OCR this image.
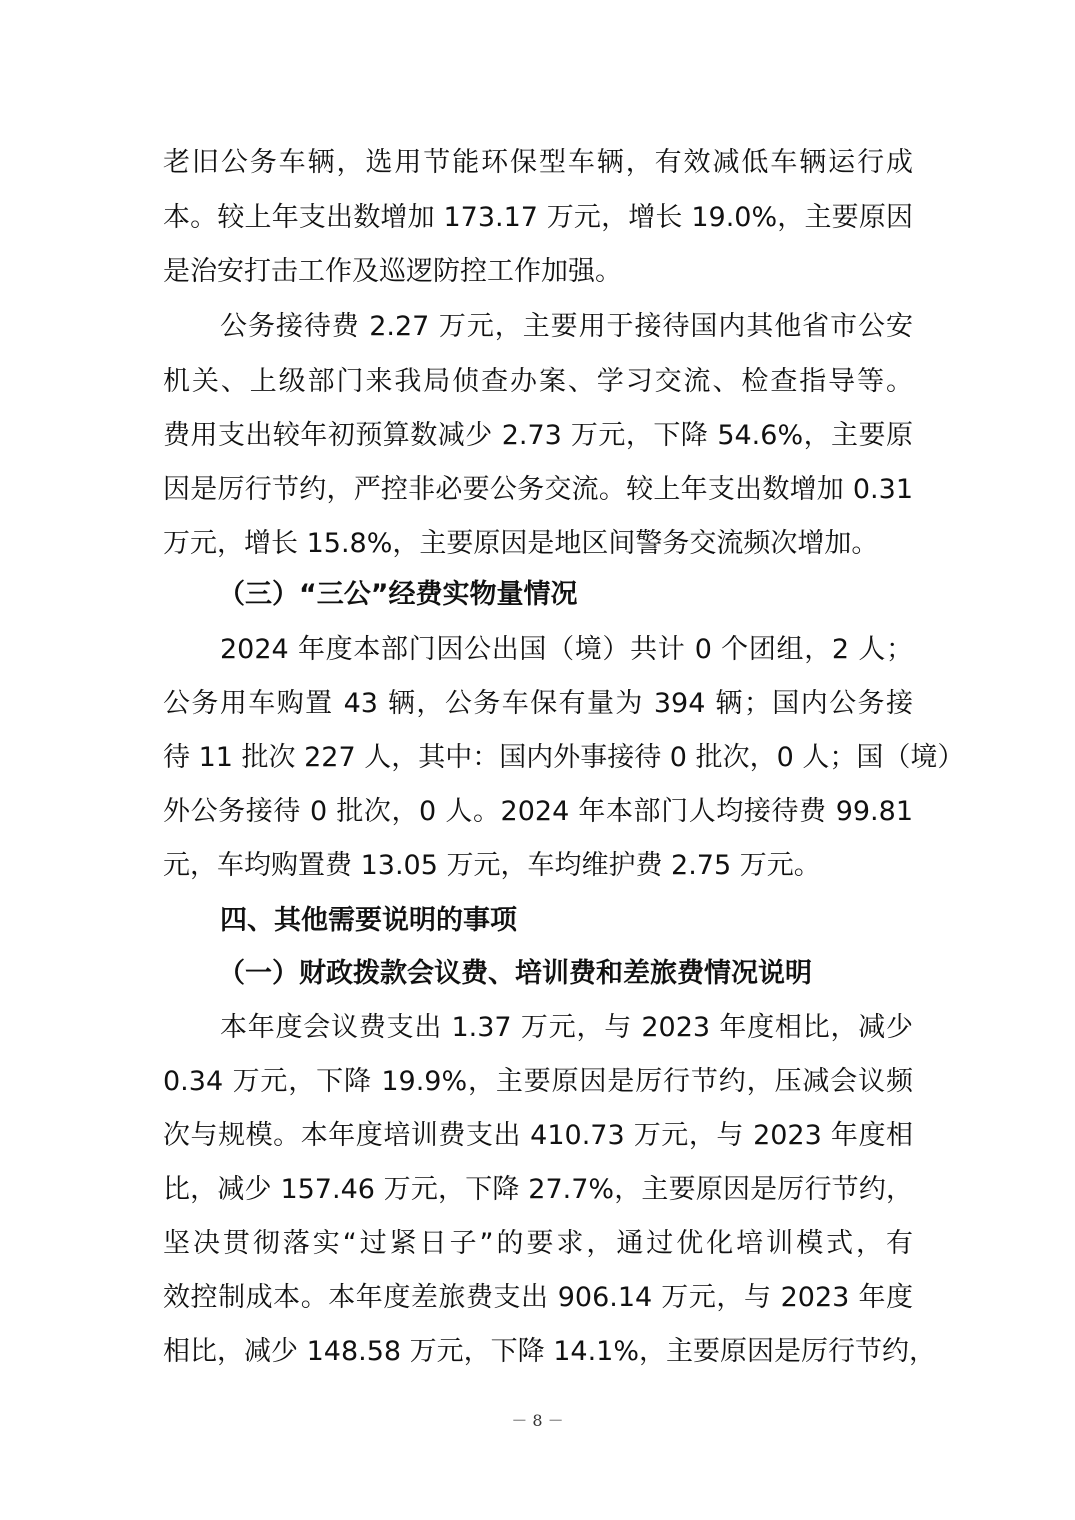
老旧公务车辆，选用节能环保型车辆，有效减低车辆运行成
本。较上年支出数增加 173.17 万元，增长 19.0%，主要原因
是治安打击工作及巡逻防控工作加强。
公务接待费 2.27 万元，主要用于接待国内其他省市公安
机关、上级部门来我局侦查办案、学习交流、检查指导等。
费用支出较年初预算数减少 2.73 万元，下降 54.6%，主要原
因是厉行节约，严控非必要公务交流。较上年支出数增加 0.31
万元，增长 15.8%，主要原因是地区间警务交流频次增加。
（三）“三公”经费实物量情况
2024 年度本部门因公出国（境）共计 0 个团组，2 人；
公务用车购置 43 辆，公务车保有量为 394 辆；国内公务接
待 11 批次 227 人，其中：国内外事接待 0 批次，0 人；国（境）
外公务接待 0 批次，0 人。2024 年本部门人均接待费 99.81
元，车均购置费 13.05 万元，车均维护费 2.75 万元。
四、其他需要说明的事项
（一）财政拨款会议费、培训费和差旅费情况说明
本年度会议费支出 1.37 万元，与 2023 年度相比，减少
0.34 万元，下降 19.9%，主要原因是厉行节约，压减会议频
次与规模。本年度培训费支出 410.73 万元，与 2023 年度相
比，减少 157.46 万元，下降 27.7%，主要原因是厉行节约，
坚决贯彻落实“过紧日子”的要求，通过优化培训模式，有
效控制成本。本年度差旅费支出 906.14 万元，与 2023 年度
相比，减少 148.58 万元，下降 14.1%，主要原因是厉行节约，
－ 8 －
